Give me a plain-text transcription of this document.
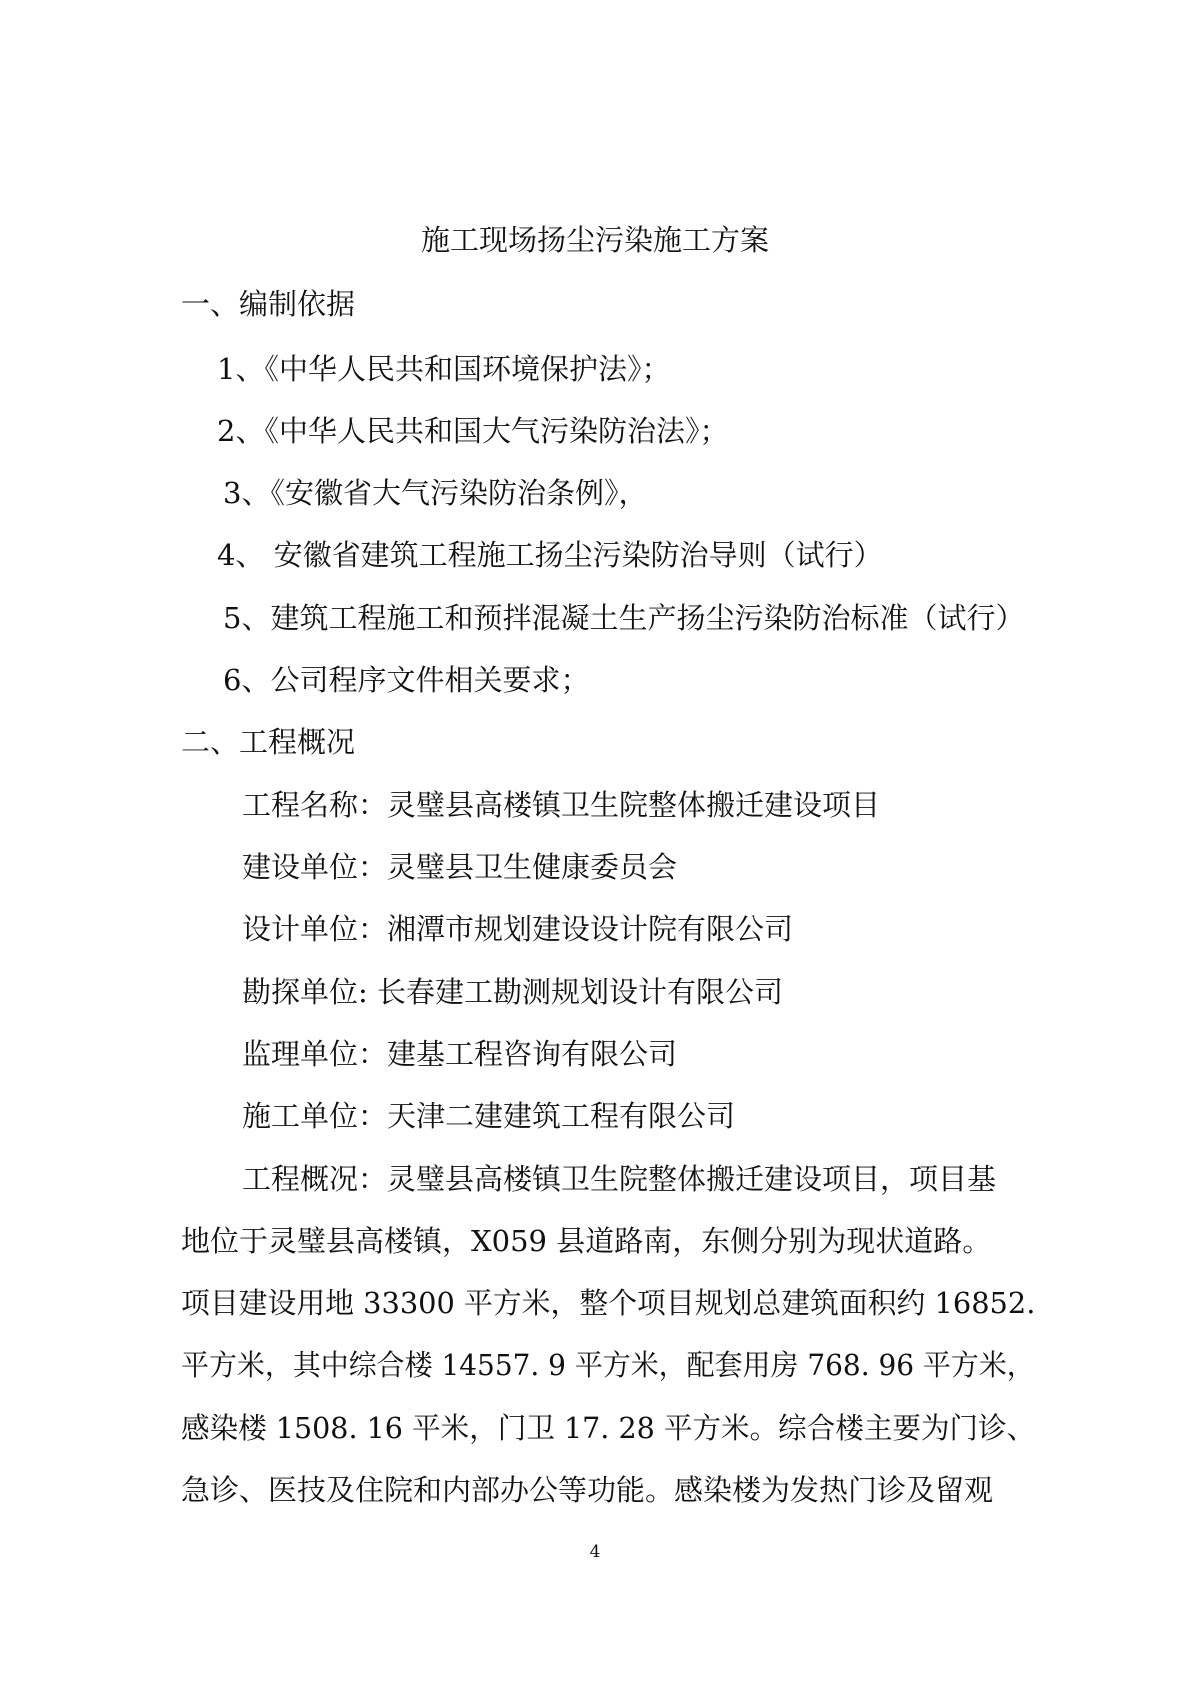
施工现场扬尘污染施工方案
一、编制依据
1、《中华人民共和国环境保护法》；
2、《中华人民共和国大气污染防治法》；
3、《安徽省大气污染防治条例》，
4、 安徽省建筑工程施工扬尘污染防治导则（试行）
5、建筑工程施工和预拌混凝土生产扬尘污染防治标准（试行）
6、公司程序文件相关要求；
二、工程概况
工程名称：灵璧县高楼镇卫生院整体搬迁建设项目
建设单位：灵璧县卫生健康委员会
设计单位：湘潭市规划建设设计院有限公司
勘探单位: 长春建工勘测规划设计有限公司
监理单位：建基工程咨询有限公司
施工单位：天津二建建筑工程有限公司
工程概况：灵璧县高楼镇卫生院整体搬迁建设项目，项目基
地位于灵璧县高楼镇，X059 县道路南，东侧分别为现状道路。
项目建设用地 33300 平方米，整个项目规划总建筑面积约 16852.
平方米，其中综合楼 14557. 9 平方米，配套用房 768. 96 平方米，
感染楼 1508. 16 平米，门卫 17. 28 平方米。综合楼主要为门诊、
急诊、医技及住院和内部办公等功能。感染楼为发热门诊及留观
4
